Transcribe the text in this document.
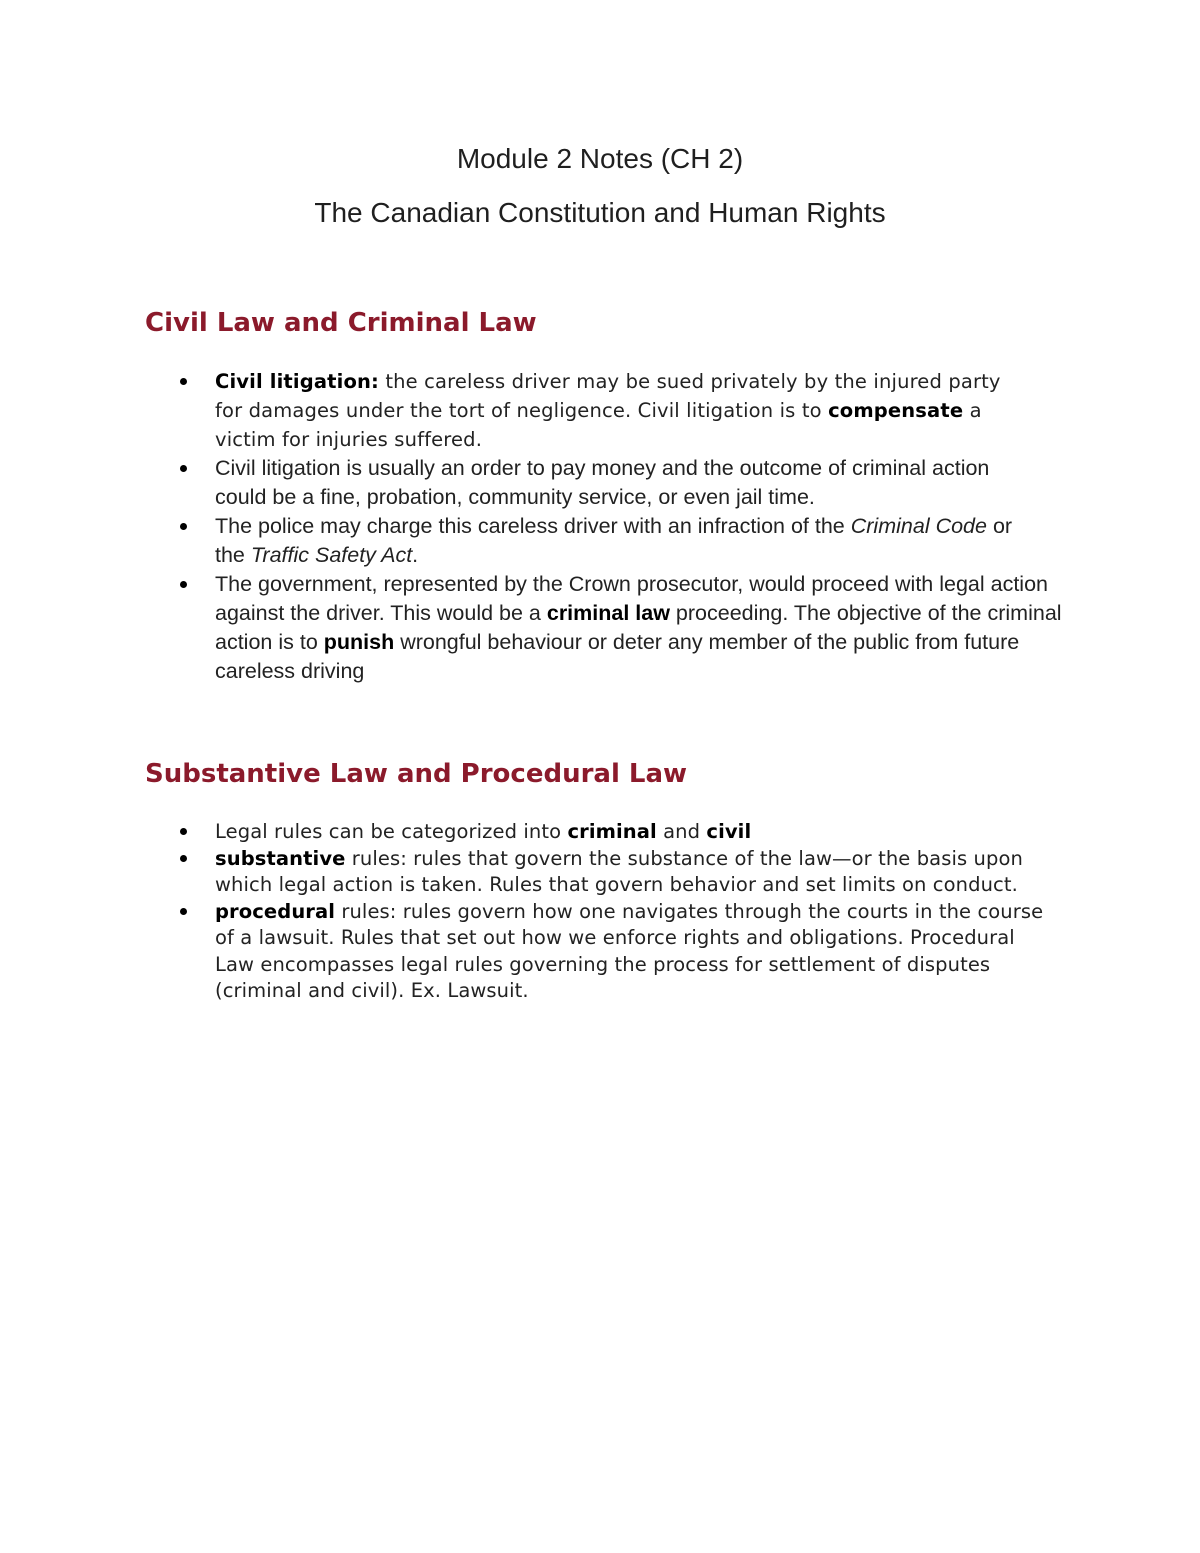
Module 2 Notes (CH 2)
The Canadian Constitution and Human Rights
Civil Law and Criminal Law
Civil litigation: the careless driver may be sued privately by the injured party for damages under the tort of negligence. Civil litigation is to compensate a victim for injuries suffered.
Civil litigation is usually an order to pay money and the outcome of criminal action could be a fine, probation, community service, or even jail time.
The police may charge this careless driver with an infraction of the Criminal Code or the Traffic Safety Act.
The government, represented by the Crown prosecutor, would proceed with legal action against the driver. This would be a criminal law proceeding. The objective of the criminal action is to punish wrongful behaviour or deter any member of the public from future careless driving
Substantive Law and Procedural Law
Legal rules can be categorized into criminal and civil
substantive rules: rules that govern the substance of the law—or the basis upon which legal action is taken. Rules that govern behavior and set limits on conduct.
procedural rules: rules govern how one navigates through the courts in the course of a lawsuit. Rules that set out how we enforce rights and obligations. Procedural Law encompasses legal rules governing the process for settlement of disputes (criminal and civil). Ex. Lawsuit.
